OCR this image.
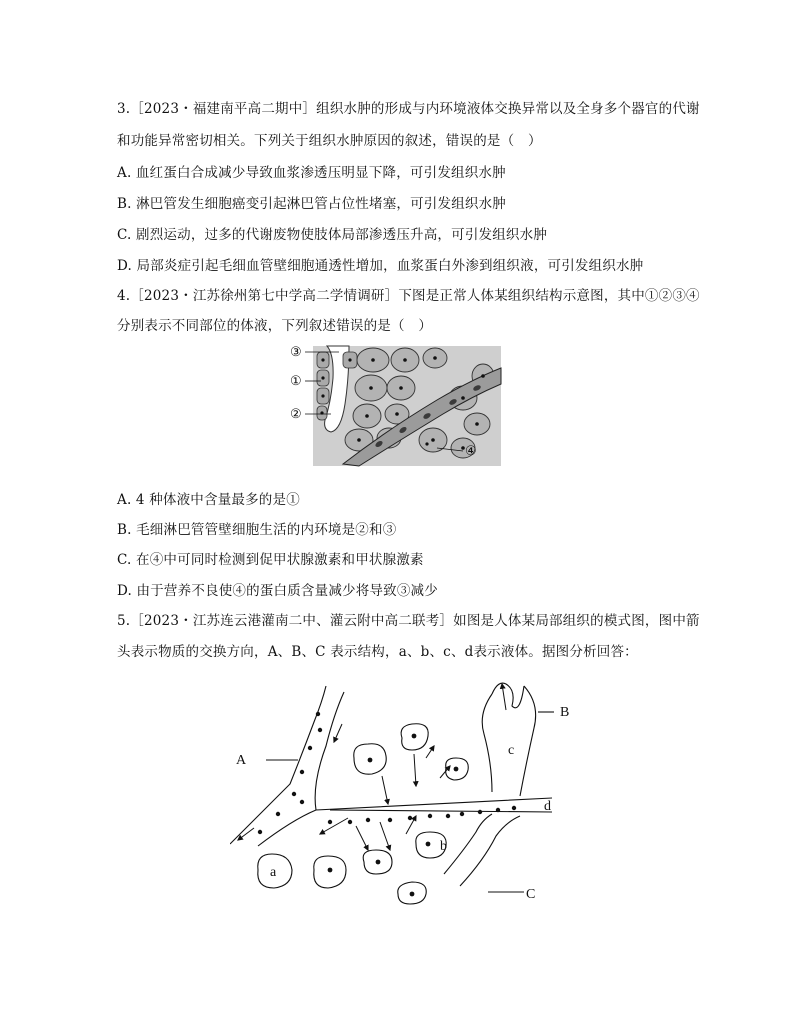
3.［2023・福建南平高二期中］组织水肿的形成与内环境液体交换异常以及全身多个器官的代谢
和功能异常密切相关。下列关于组织水肿原因的叙述，错误的是（　）
A. 血红蛋白合成减少导致血浆渗透压明显下降，可引发组织水肿
B. 淋巴管发生细胞癌变引起淋巴管占位性堵塞，可引发组织水肿
C. 剧烈运动，过多的代谢废物使肢体局部渗透压升高，可引发组织水肿
D. 局部炎症引起毛细血管壁细胞通透性增加，血浆蛋白外渗到组织液，可引发组织水肿
4.［2023・江苏徐州第七中学高二学情调研］下图是正常人体某组织结构示意图，其中①②③④
分别表示不同部位的体液，下列叙述错误的是（　）
③
①
②
④
A. 4 种体液中含量最多的是①
B. 毛细淋巴管管壁细胞生活的内环境是②和③
C. 在④中可同时检测到促甲状腺激素和甲状腺激素
D. 由于营养不良使④的蛋白质含量减少将导致③减少
5.［2023・江苏连云港灌南二中、灌云附中高二联考］如图是人体某局部组织的模式图，图中箭
头表示物质的交换方向，A、B、C 表示结构，a、b、c、d表示液体。据图分析回答：
A
B
C
a
b
c
d
